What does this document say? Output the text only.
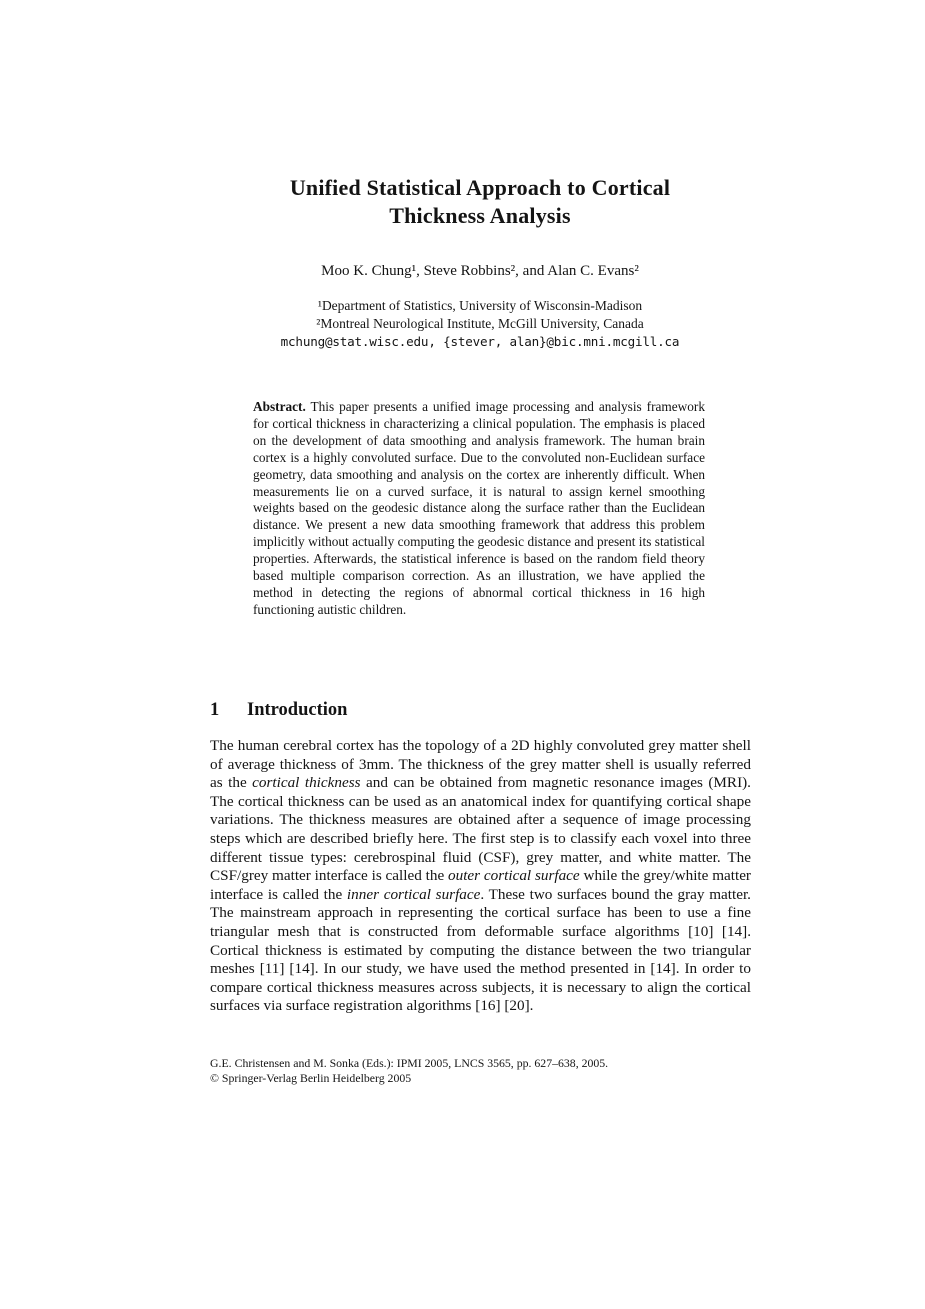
Unified Statistical Approach to Cortical
Thickness Analysis
Moo K. Chung¹, Steve Robbins², and Alan C. Evans²
¹Department of Statistics, University of Wisconsin-Madison
²Montreal Neurological Institute, McGill University, Canada
mchung@stat.wisc.edu, {stever, alan}@bic.mni.mcgill.ca
Abstract. This paper presents a unified image processing and analysis framework for cortical thickness in characterizing a clinical population. The emphasis is placed on the development of data smoothing and analysis framework. The human brain cortex is a highly convoluted surface. Due to the convoluted non-Euclidean surface geometry, data smoothing and analysis on the cortex are inherently difficult. When measurements lie on a curved surface, it is natural to assign kernel smoothing weights based on the geodesic distance along the surface rather than the Euclidean distance. We present a new data smoothing framework that address this problem implicitly without actually computing the geodesic distance and present its statistical properties. Afterwards, the statistical inference is based on the random field theory based multiple comparison correction. As an illustration, we have applied the method in detecting the regions of abnormal cortical thickness in 16 high functioning autistic children.
1 Introduction

The human cerebral cortex has the topology of a 2D highly convoluted grey matter shell of average thickness of 3mm. The thickness of the grey matter shell is usually referred as the cortical thickness and can be obtained from magnetic resonance images (MRI). The cortical thickness can be used as an anatomical index for quantifying cortical shape variations. The thickness measures are obtained after a sequence of image processing steps which are described briefly here. The first step is to classify each voxel into three different tissue types: cerebrospinal fluid (CSF), grey matter, and white matter. The CSF/grey matter interface is called the outer cortical surface while the grey/white matter interface is called the inner cortical surface. These two surfaces bound the gray matter. The mainstream approach in representing the cortical surface has been to use a fine triangular mesh that is constructed from deformable surface algorithms [10] [14]. Cortical thickness is estimated by computing the distance between the two triangular meshes [11] [14]. In our study, we have used the method presented in [14]. In order to compare cortical thickness measures across subjects, it is necessary to align the cortical surfaces via surface registration algorithms [16] [20].

G.E. Christensen and M. Sonka (Eds.): IPMI 2005, LNCS 3565, pp. 627–638, 2005.
© Springer-Verlag Berlin Heidelberg 2005
